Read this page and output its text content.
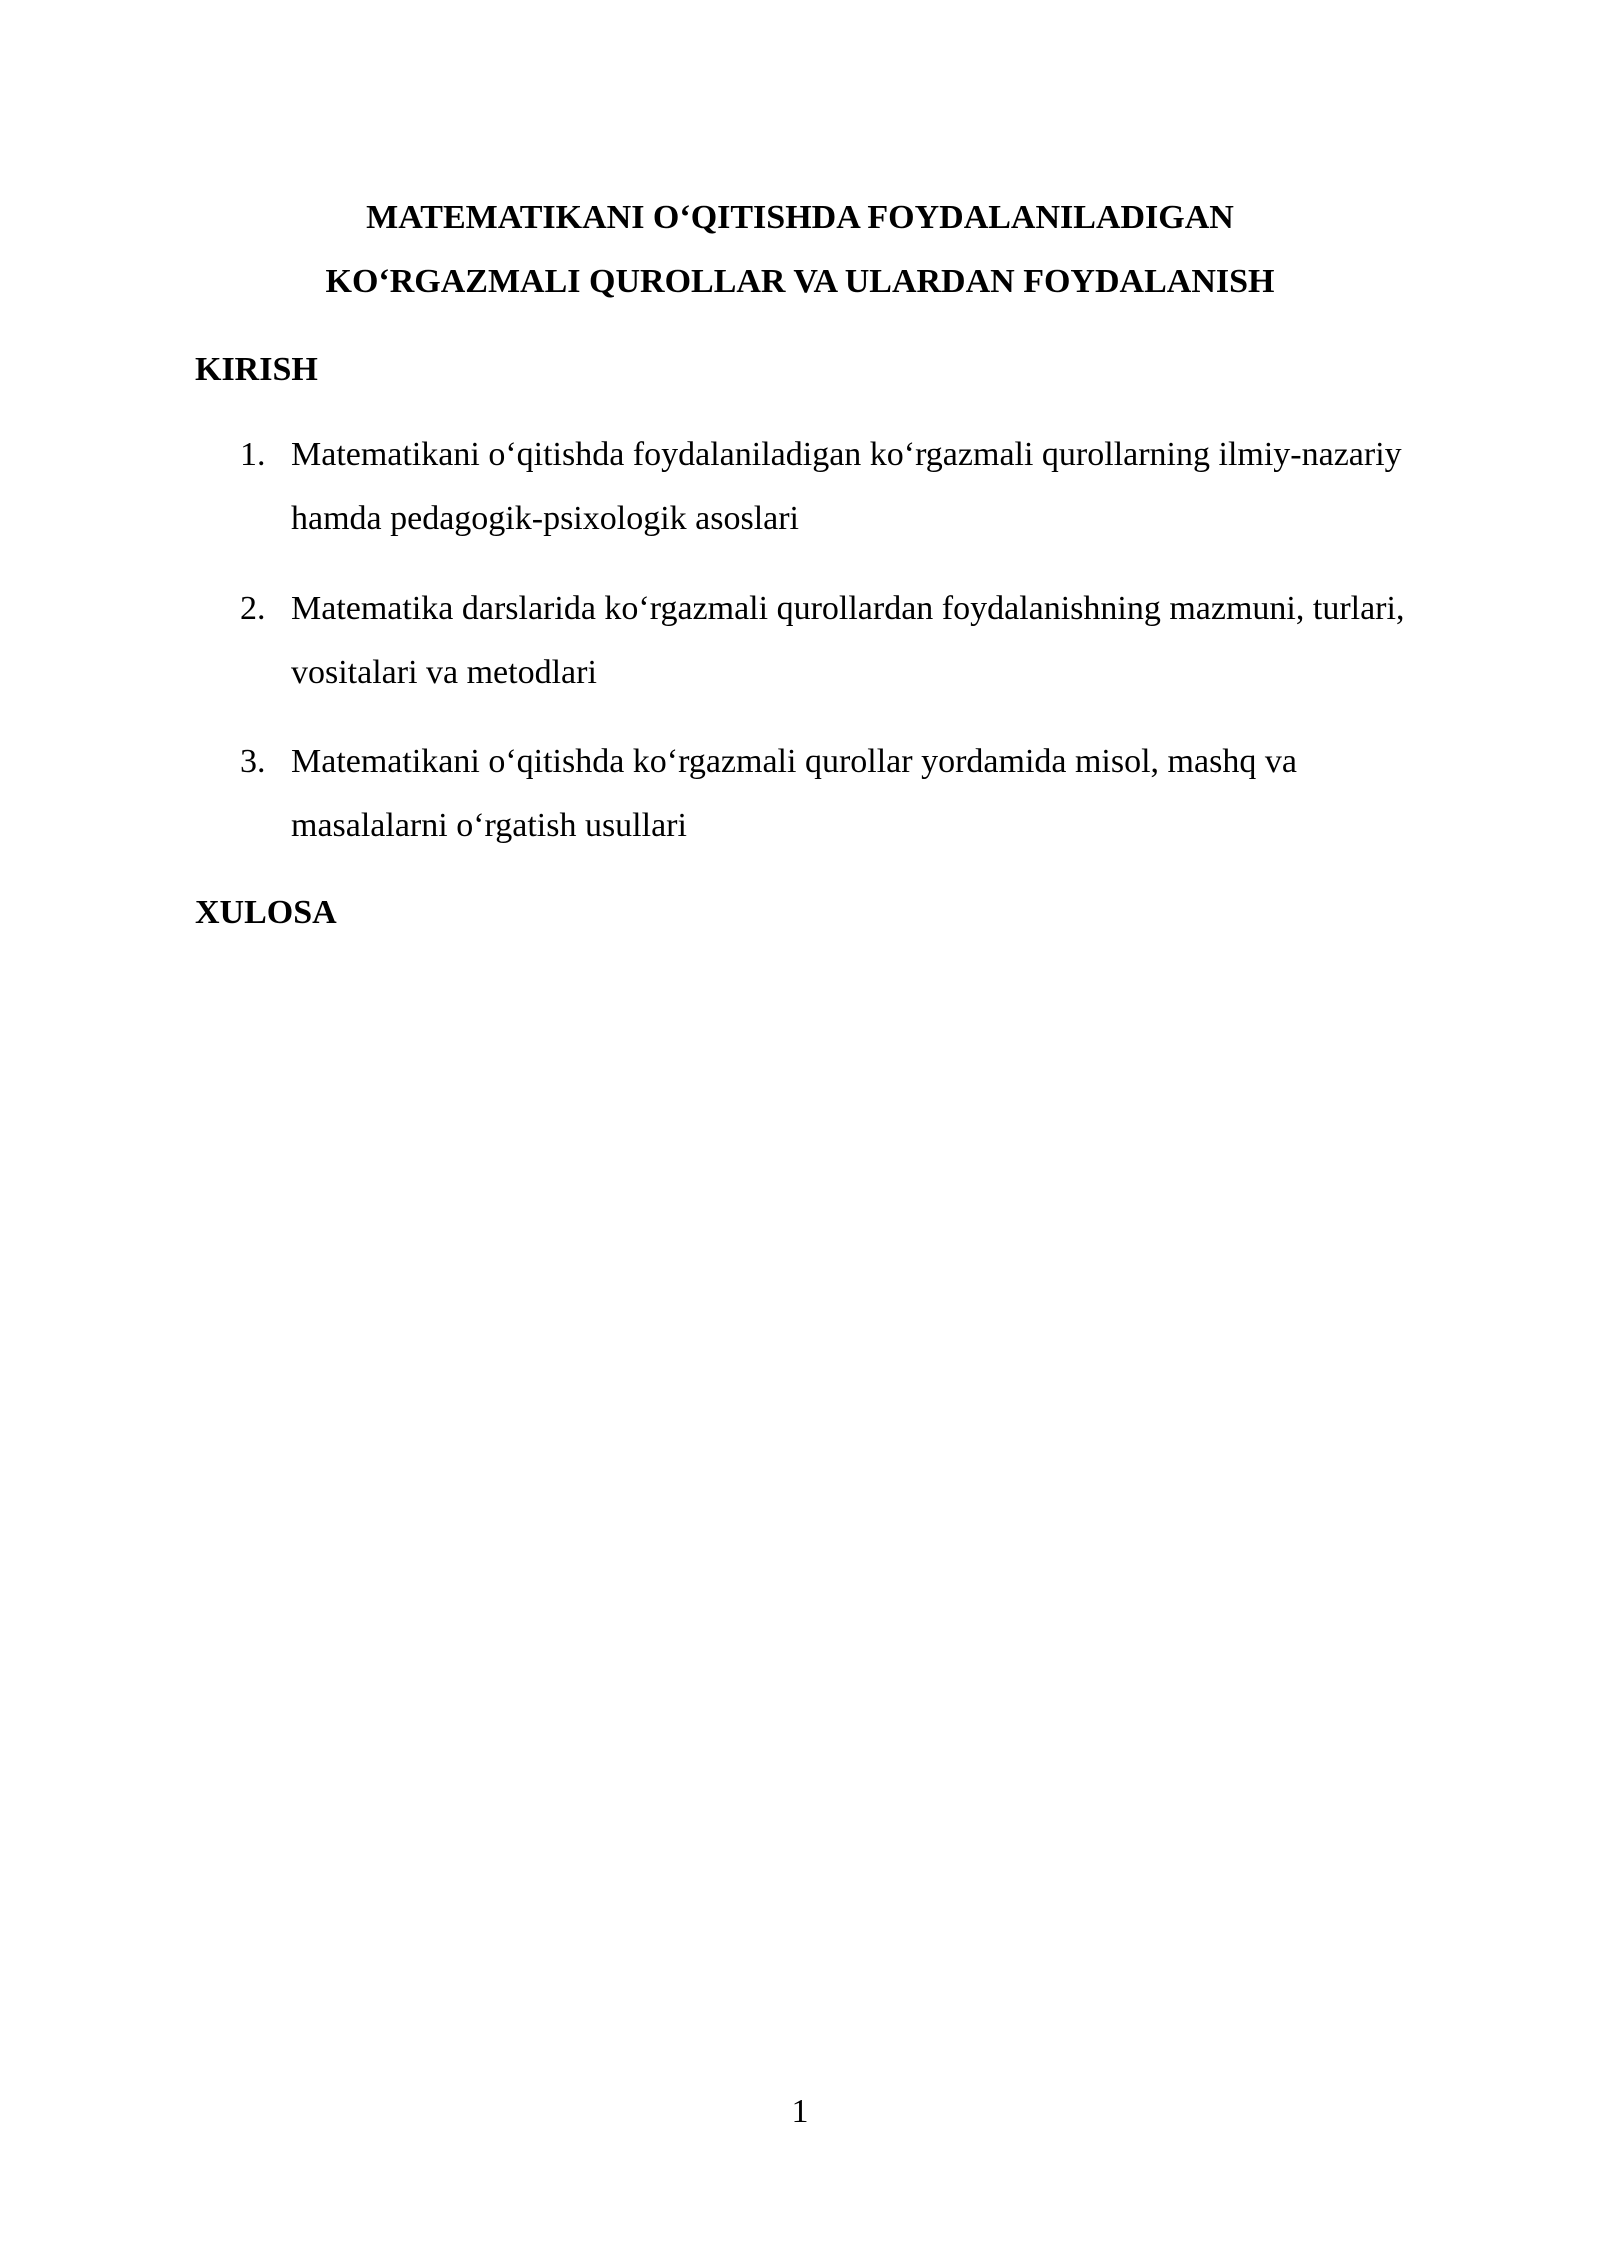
MATEMATIKANI O‘QITISHDA FOYDALANILADIGAN
KO‘RGAZMALI QUROLLAR VA ULARDAN FOYDALANISH
KIRISH
1. Matematikani o‘qitishda foydalaniladigan ko‘rgazmali qurollarning ilmiy-nazariy hamda pedagogik-psixologik asoslari
2. Matematika darslarida ko‘rgazmali qurollardan foydalanishning mazmuni, turlari, vositalari va metodlari
3. Matematikani o‘qitishda ko‘rgazmali qurollar yordamida misol, mashq va masalalarni o‘rgatish usullari
XULOSA
1
